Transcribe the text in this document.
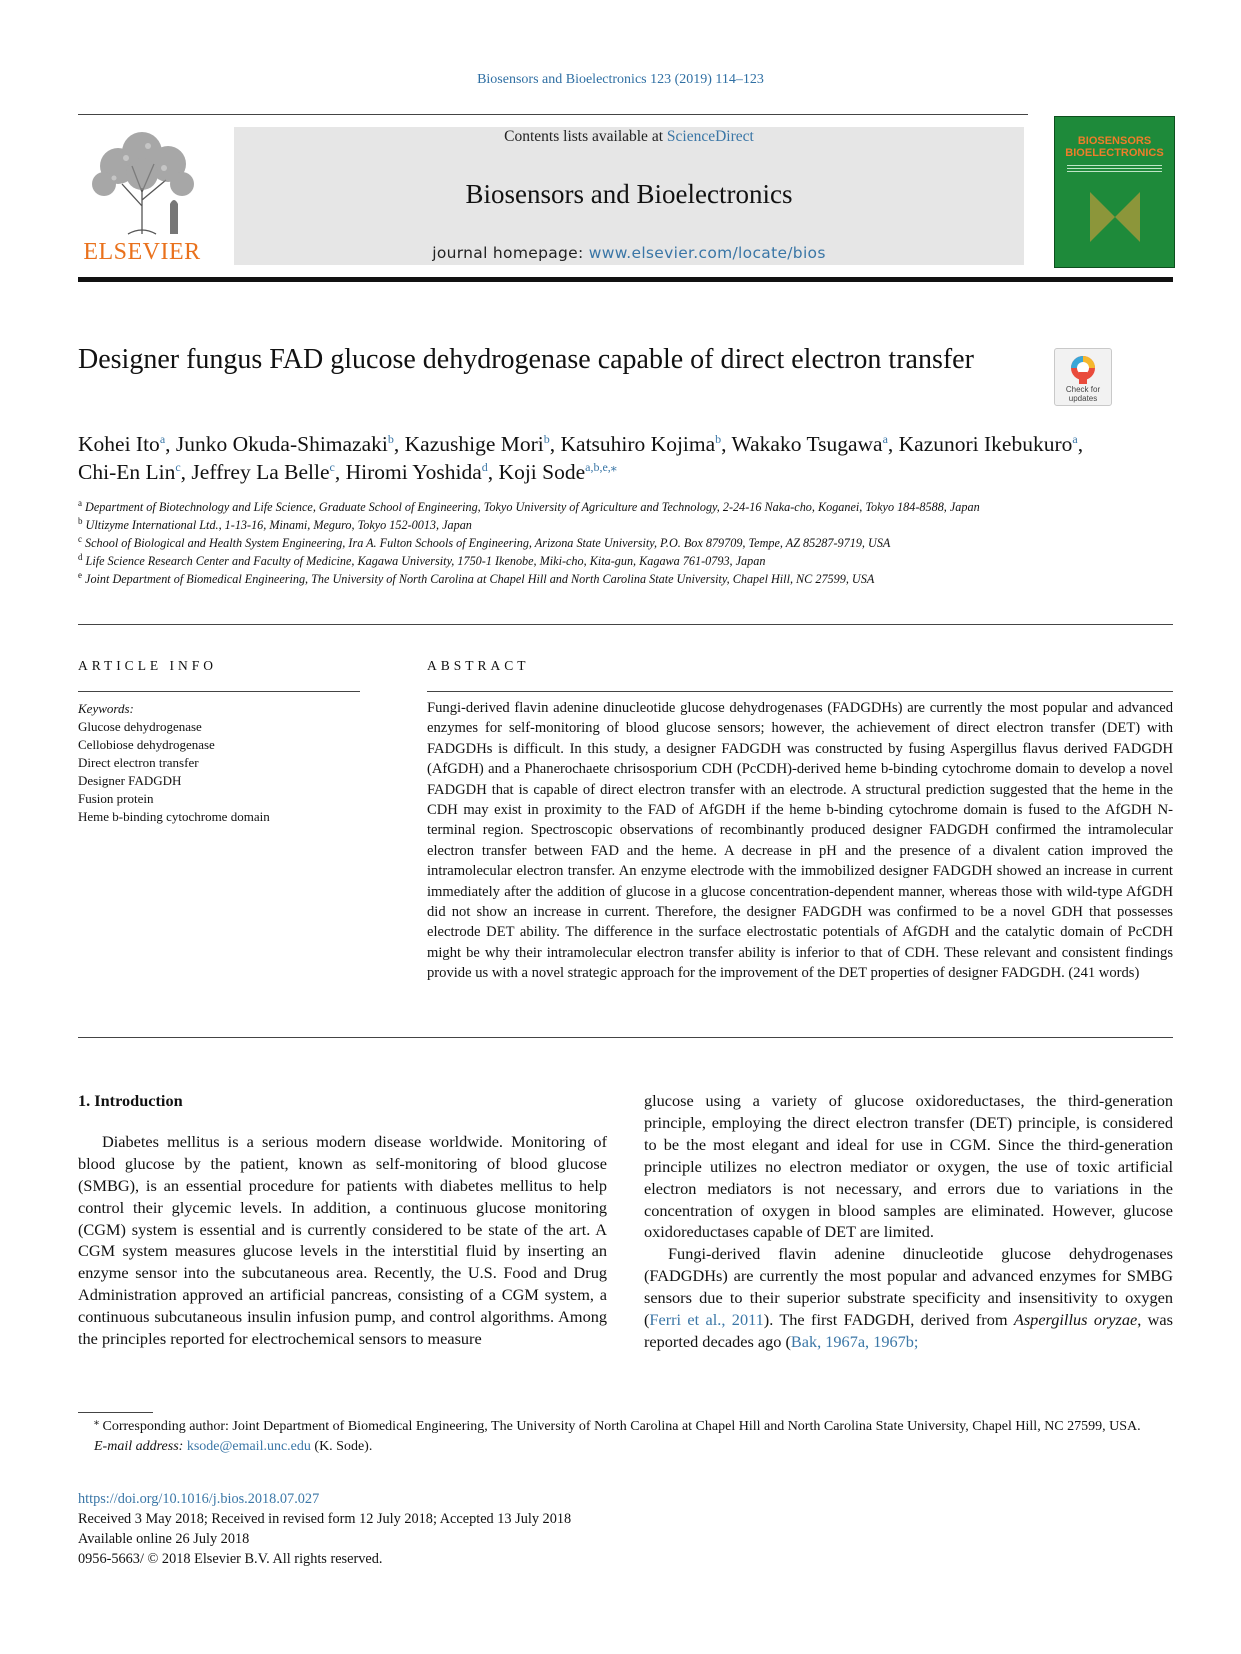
Biosensors and Bioelectronics 123 (2019) 114–123
ELSEVIER
Contents lists available at ScienceDirect
Biosensors and Bioelectronics
journal homepage: www.elsevier.com/locate/bios
BIOSENSORS
BIOELECTRONICS
Designer fungus FAD glucose dehydrogenase capable of direct electron transfer
Check for
updates
Kohei Ito$^a$, Junko Okuda-Shimazaki$^b$, Kazushige Mori$^b$, Katsuhiro Kojima$^b$, Wakako Tsugawa$^a$, Kazunori Ikebukuro$^a$, Chi-En Lin$^c$, Jeffrey La Belle$^c$, Hiromi Yoshida$^d$, Koji Sode$^{a,b,e,⁎}$
$^a$ Department of Biotechnology and Life Science, Graduate School of Engineering, Tokyo University of Agriculture and Technology, 2-24-16 Naka-cho, Koganei, Tokyo 184-8588, Japan
$^b$ Ultizyme International Ltd., 1-13-16, Minami, Meguro, Tokyo 152-0013, Japan
$^c$ School of Biological and Health System Engineering, Ira A. Fulton Schools of Engineering, Arizona State University, P.O. Box 879709, Tempe, AZ 85287-9719, USA
$^d$ Life Science Research Center and Faculty of Medicine, Kagawa University, 1750-1 Ikenobe, Miki-cho, Kita-gun, Kagawa 761-0793, Japan
$^e$ Joint Department of Biomedical Engineering, The University of North Carolina at Chapel Hill and North Carolina State University, Chapel Hill, NC 27599, USA
ARTICLE INFO
Keywords:
Glucose dehydrogenase
Cellobiose dehydrogenase
Direct electron transfer
Designer FADGDH
Fusion protein
Heme b-binding cytochrome domain
ABSTRACT
Fungi-derived flavin adenine dinucleotide glucose dehydrogenases (FADGDHs) are currently the most popular and advanced enzymes for self-monitoring of blood glucose sensors; however, the achievement of direct electron transfer (DET) with FADGDHs is difficult. In this study, a designer FADGDH was constructed by fusing Aspergillus flavus derived FADGDH (AfGDH) and a Phanerochaete chrisosporium CDH (PcCDH)-derived heme b-binding cytochrome domain to develop a novel FADGDH that is capable of direct electron transfer with an electrode. A structural prediction suggested that the heme in the CDH may exist in proximity to the FAD of AfGDH if the heme b-binding cytochrome domain is fused to the AfGDH N-terminal region. Spectroscopic observations of recombinantly produced designer FADGDH confirmed the intramolecular electron transfer between FAD and the heme. A decrease in pH and the presence of a divalent cation improved the intramolecular electron transfer. An enzyme electrode with the immobilized designer FADGDH showed an increase in current immediately after the addition of glucose in a glucose concentration-dependent manner, whereas those with wild-type AfGDH did not show an increase in current. Therefore, the designer FADGDH was confirmed to be a novel GDH that possesses electrode DET ability. The difference in the surface electrostatic potentials of AfGDH and the catalytic domain of PcCDH might be why their intramolecular electron transfer ability is inferior to that of CDH. These relevant and consistent findings provide us with a novel strategic approach for the improvement of the DET properties of designer FADGDH. (241 words)
1. Introduction

Diabetes mellitus is a serious modern disease worldwide. Monitoring of blood glucose by the patient, known as self-monitoring of blood glucose (SMBG), is an essential procedure for patients with diabetes mellitus to help control their glycemic levels. In addition, a continuous glucose monitoring (CGM) system is essential and is currently considered to be state of the art. A CGM system measures glucose levels in the interstitial fluid by inserting an enzyme sensor into the subcutaneous area. Recently, the U.S. Food and Drug Administration approved an artificial pancreas, consisting of a CGM system, a continuous subcutaneous insulin infusion pump, and control algorithms. Among the principles reported for electrochemical sensors to measure

glucose using a variety of glucose oxidoreductases, the third-generation principle, employing the direct electron transfer (DET) principle, is considered to be the most elegant and ideal for use in CGM. Since the third-generation principle utilizes no electron mediator or oxygen, the use of toxic artificial electron mediators is not necessary, and errors due to variations in the concentration of oxygen in blood samples are eliminated. However, glucose oxidoreductases capable of DET are limited.

Fungi-derived flavin adenine dinucleotide glucose dehydrogenases (FADGDHs) are currently the most popular and advanced enzymes for SMBG sensors due to their superior substrate specificity and insensitivity to oxygen (Ferri et al., 2011). The first FADGDH, derived from Aspergillus oryzae, was reported decades ago (Bak, 1967a, 1967b;

⁎ Corresponding author: Joint Department of Biomedical Engineering, The University of North Carolina at Chapel Hill and North Carolina State University, Chapel Hill, NC 27599, USA.

E-mail address: ksode@email.unc.edu (K. Sode).
https://doi.org/10.1016/j.bios.2018.07.027
Received 3 May 2018; Received in revised form 12 July 2018; Accepted 13 July 2018
Available online 26 July 2018
0956-5663/ © 2018 Elsevier B.V. All rights reserved.
